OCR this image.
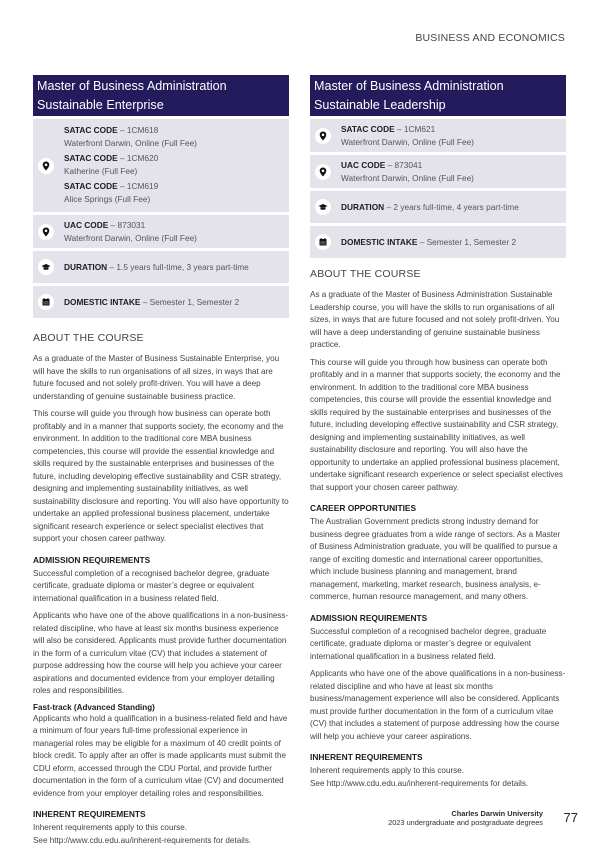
BUSINESS AND ECONOMICS
Master of Business Administration
Sustainable Enterprise
SATAC CODE – 1CM618
Waterfront Darwin, Online (Full Fee)
SATAC CODE – 1CM620
Katherine (Full Fee)
SATAC CODE – 1CM619
Alice Springs (Full Fee)
UAC CODE – 873031
Waterfront Darwin, Online (Full Fee)
DURATION – 1.5 years full-time, 3 years part-time
DOMESTIC INTAKE – Semester 1, Semester 2
ABOUT THE COURSE

As a graduate of the Master of Business Sustainable Enterprise, you will have the skills to run organisations of all sizes, in ways that are future focused and not solely profit-driven. You will have a deep understanding of genuine sustainable business practice.

This course will guide you through how business can operate both profitably and in a manner that supports society, the economy and the environment. In addition to the traditional core MBA business competencies, this course will provide the essential knowledge and skills required by the sustainable enterprises and businesses of the future, including developing effective sustainability and CSR strategy, designing and implementing sustainability initiatives, as well sustainability disclosure and reporting. You will also have opportunity to undertake an applied professional business placement, undertake significant research experience or select specialist electives that support your chosen career pathway.

ADMISSION REQUIREMENTS

Successful completion of a recognised bachelor degree, graduate certificate, graduate diploma or master’s degree or equivalent international qualification in a business related field.

Applicants who have one of the above qualifications in a non-business-related discipline, who have at least six months business experience will also be considered. Applicants must provide further documentation in the form of a curriculum vitae (CV) that includes a statement of purpose addressing how the course will help you achieve your career aspirations and documented evidence from your employer detailing roles and responsibilities.

Fast-track (Advanced Standing)

Applicants who hold a qualification in a business-related field and have a minimum of four years full-time professional experience in managerial roles may be eligible for a maximum of 40 credit points of block credit. To apply after an offer is made applicants must submit the CDU eform, accessed through the CDU Portal, and provide further documentation in the form of a curriculum vitae (CV) and documented evidence from your employer detailing roles and responsibilities.

INHERENT REQUIREMENTS

Inherent requirements apply to this course.
See http://www.cdu.edu.au/inherent-requirements for details.

Master of Business Administration
Sustainable Leadership
SATAC CODE – 1CM621
Waterfront Darwin, Online (Full Fee)
UAC CODE – 873041
Waterfront Darwin, Online (Full Fee)
DURATION – 2 years full-time, 4 years part-time
DOMESTIC INTAKE – Semester 1, Semester 2
ABOUT THE COURSE

As a graduate of the Master of Business Administration Sustainable Leadership course, you will have the skills to run organisations of all sizes, in ways that are future focused and not solely profit-driven. You will have a deep understanding of genuine sustainable business practice.

This course will guide you through how business can operate both profitably and in a manner that supports society, the economy and the environment. In addition to the traditional core MBA business competencies, this course will provide the essential knowledge and skills required by the sustainable enterprises and businesses of the future, including developing effective sustainability and CSR strategy, designing and implementing sustainability initiatives, as well sustainability disclosure and reporting. You will also have the opportunity to undertake an applied professional business placement, undertake significant research experience or select specialist electives that support your chosen career pathway.

CAREER OPPORTUNITIES

The Australian Government predicts strong industry demand for business degree graduates from a wide range of sectors. As a Master of Business Administration graduate, you will be qualified to pursue a range of exciting domestic and international career opportunities, which include business planning and management, brand management, marketing, market research, business analysis, e-commerce, human resource management, and many others.

ADMISSION REQUIREMENTS

Successful completion of a recognised bachelor degree, graduate certificate, graduate diploma or master’s degree or equivalent international qualification in a business related field.

Applicants who have one of the above qualifications in a non-business-related discipline and who have at least six months business/management experience will also be considered. Applicants must provide further documentation in the form of a curriculum vitae (CV) that includes a statement of purpose addressing how the course will help you achieve your career aspirations.

INHERENT REQUIREMENTS

Inherent requirements apply to this course.
See http://www.cdu.edu.au/inherent-requirements for details.

Charles Darwin University
2023 undergraduate and postgraduate degrees 77
